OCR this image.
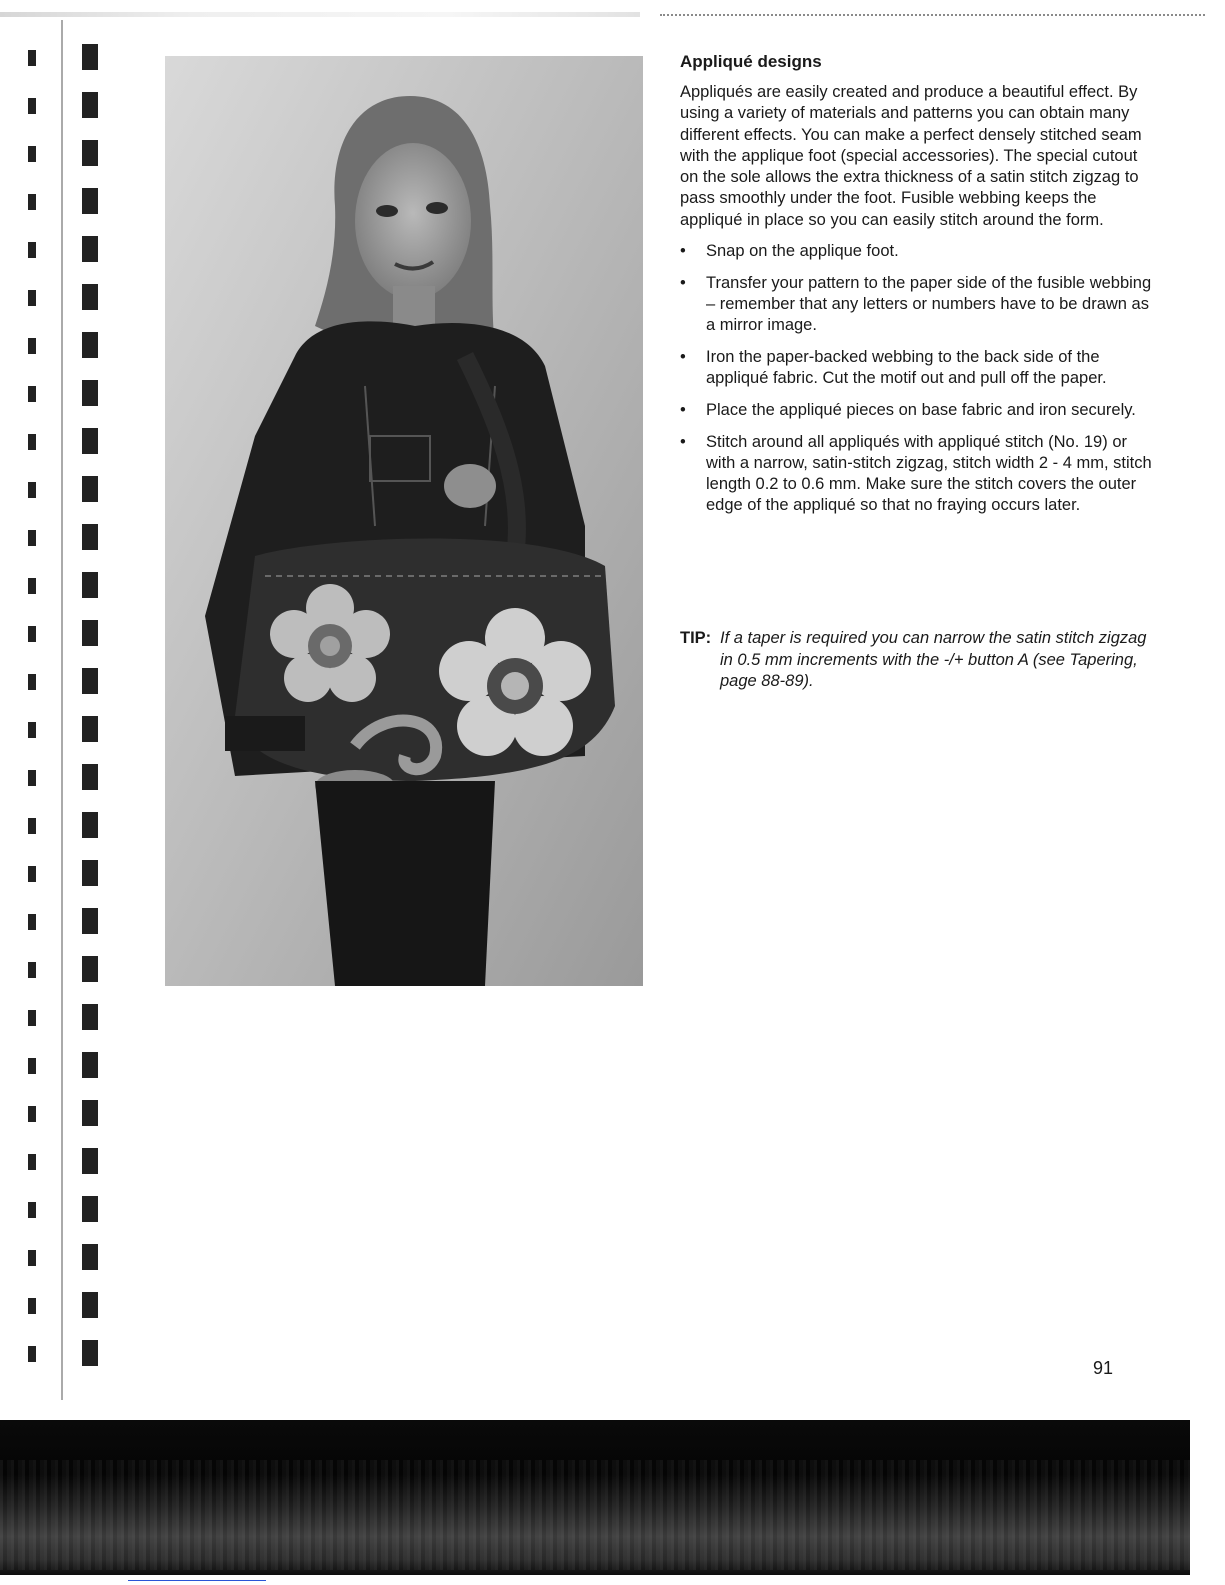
Appliqué designs

Appliqués are easily created and produce a beautiful effect. By using a variety of materials and patterns you can obtain many different effects. You can make a perfect densely stitched seam with the applique foot (special accessories). The special cutout on the sole allows the extra thickness of a satin stitch zigzag to pass smoothly under the foot. Fusible webbing keeps the appliqué in place so you can easily stitch around the form.

•	Snap on the applique foot.
•	Transfer your pattern to the paper side of the fusible webbing – remember that any letters or numbers have to be drawn as a mirror image.
•	Iron the paper-backed webbing to the back side of the appliqué fabric. Cut the motif out and pull off the paper.
•	Place the appliqué pieces on base fabric and iron securely.
•	Stitch around all appliqués with appliqué stitch (No. 19) or with a narrow, satin-stitch zigzag, stitch width 2 - 4 mm, stitch length 0.2 to 0.6 mm. Make sure the stitch covers the outer edge of the appliqué so that no fraying occurs later.
TIP: If a taper is required you can narrow the satin stitch zigzag in 0.5 mm increments with the -/+ button A (see Tapering, page 88-89).
91
